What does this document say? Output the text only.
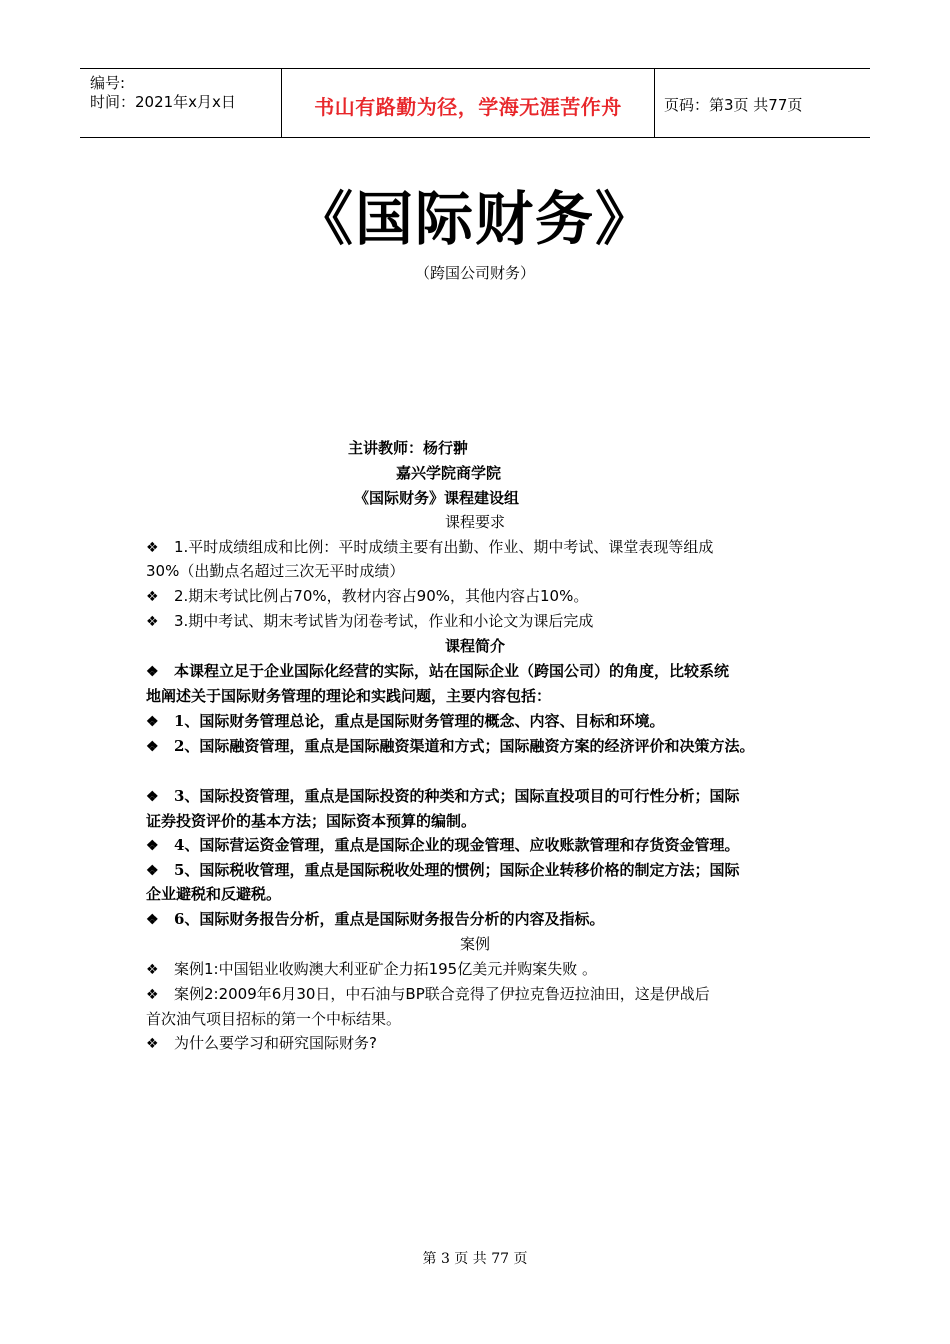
编号:
时间：2021年x月x日	书山有路勤为径，学海无涯苦作舟	页码：第3页 共77页
《国际财务》
（跨国公司财务）
主讲教师：杨行翀
嘉兴学院商学院
《国际财务》课程建设组
课程要求
❖ 1.平时成绩组成和比例：平时成绩主要有出勤、作业、期中考试、课堂表现等组成
30%（出勤点名超过三次无平时成绩）
❖ 2.期末考试比例占70%，教材内容占90%，其他内容占10%。
❖ 3.期中考试、期末考试皆为闭卷考试，作业和小论文为课后完成
课程简介
❖ 本课程立足于企业国际化经营的实际，站在国际企业（跨国公司）的角度，比较系统
地阐述关于国际财务管理的理论和实践问题，主要内容包括：
❖ 1、国际财务管理总论，重点是国际财务管理的概念、内容、目标和环境。
❖ 2、国际融资管理，重点是国际融资渠道和方式；国际融资方案的经济评价和决策方法。
❖ 3、国际投资管理，重点是国际投资的种类和方式；国际直投项目的可行性分析；国际
证券投资评价的基本方法；国际资本预算的编制。
❖ 4、国际营运资金管理，重点是国际企业的现金管理、应收账款管理和存货资金管理。
❖ 5、国际税收管理，重点是国际税收处理的惯例；国际企业转移价格的制定方法；国际
企业避税和反避税。
❖ 6、国际财务报告分析，重点是国际财务报告分析的内容及指标。
案例
❖ 案例1:中国铝业收购澳大利亚矿企力拓195亿美元并购案失败 。
❖ 案例2:2009年6月30日，中石油与BP联合竞得了伊拉克鲁迈拉油田，这是伊战后
首次油气项目招标的第一个中标结果。
❖ 为什么要学习和研究国际财务?
第 3 页 共 77 页
